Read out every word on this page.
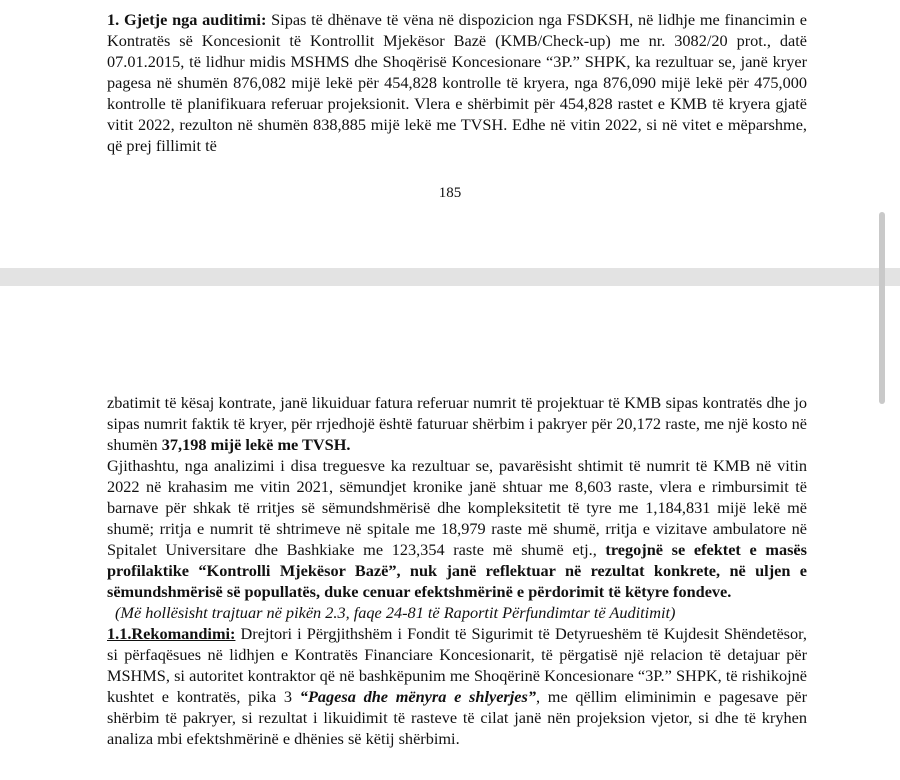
1. Gjetje nga auditimi: Sipas të dhënave të vëna në dispozicion nga FSDKSH, në lidhje me financimin e Kontratës së Koncesionit të Kontrollit Mjekësor Bazë (KMB/Check-up) me nr. 3082/20 prot., datë 07.01.2015, të lidhur midis MSHMS dhe Shoqërisë Koncesionare “3P.” SHPK, ka rezultuar se, janë kryer pagesa në shumën 876,082 mijë lekë për 454,828 kontrolle të kryera, nga 876,090 mijë lekë për 475,000 kontrolle të planifikuara referuar projeksionit. Vlera e shërbimit për 454,828 rastet e KMB të kryera gjatë vitit 2022, rezulton në shumën 838,885 mijë lekë me TVSH. Edhe në vitin 2022, si në vitet e mëparshme, që prej fillimit të

185

zbatimit të kësaj kontrate, janë likuiduar fatura referuar numrit të projektuar të KMB sipas kontratës dhe jo sipas numrit faktik të kryer, për rrjedhojë është faturuar shërbim i pakryer për 20,172 raste, me një kosto në shumën 37,198 mijë lekë me TVSH.

Gjithashtu, nga analizimi i disa treguesve ka rezultuar se, pavarësisht shtimit të numrit të KMB në vitin 2022 në krahasim me vitin 2021, sëmundjet kronike janë shtuar me 8,603 raste, vlera e rimbursimit të barnave për shkak të rritjes së sëmundshmërisë dhe kompleksitetit të tyre me 1,184,831 mijë lekë më shumë; rritja e numrit të shtrimeve në spitale me 18,979 raste më shumë, rritja e vizitave ambulatore në Spitalet Universitare dhe Bashkiake me 123,354 raste më shumë etj., tregojnë se efektet e masës profilaktike “Kontrolli Mjekësor Bazë”, nuk janë reflektuar në rezultat konkrete, në uljen e sëmundshmërisë së popullatës, duke cenuar efektshmërinë e përdorimit të këtyre fondeve.

(Më hollësisht trajtuar në pikën 2.3, faqe 24-81 të Raportit Përfundimtar të Auditimit)

1.1.Rekomandimi: Drejtori i Përgjithshëm i Fondit të Sigurimit të Detyrueshëm të Kujdesit Shëndetësor, si përfaqësues në lidhjen e Kontratës Financiare Koncesionarit, të përgatisë një relacion të detajuar për MSHMS, si autoritet kontraktor që në bashkëpunim me Shoqërinë Koncesionare “3P.” SHPK, të rishikojnë kushtet e kontratës, pika 3 “Pagesa dhe mënyra e shlyerjes”, me qëllim eliminimin e pagesave për shërbim të pakryer, si rezultat i likuidimit të rasteve të cilat janë nën projeksion vjetor, si dhe të kryhen analiza mbi efektshmërinë e dhënies së këtij shërbimi.
